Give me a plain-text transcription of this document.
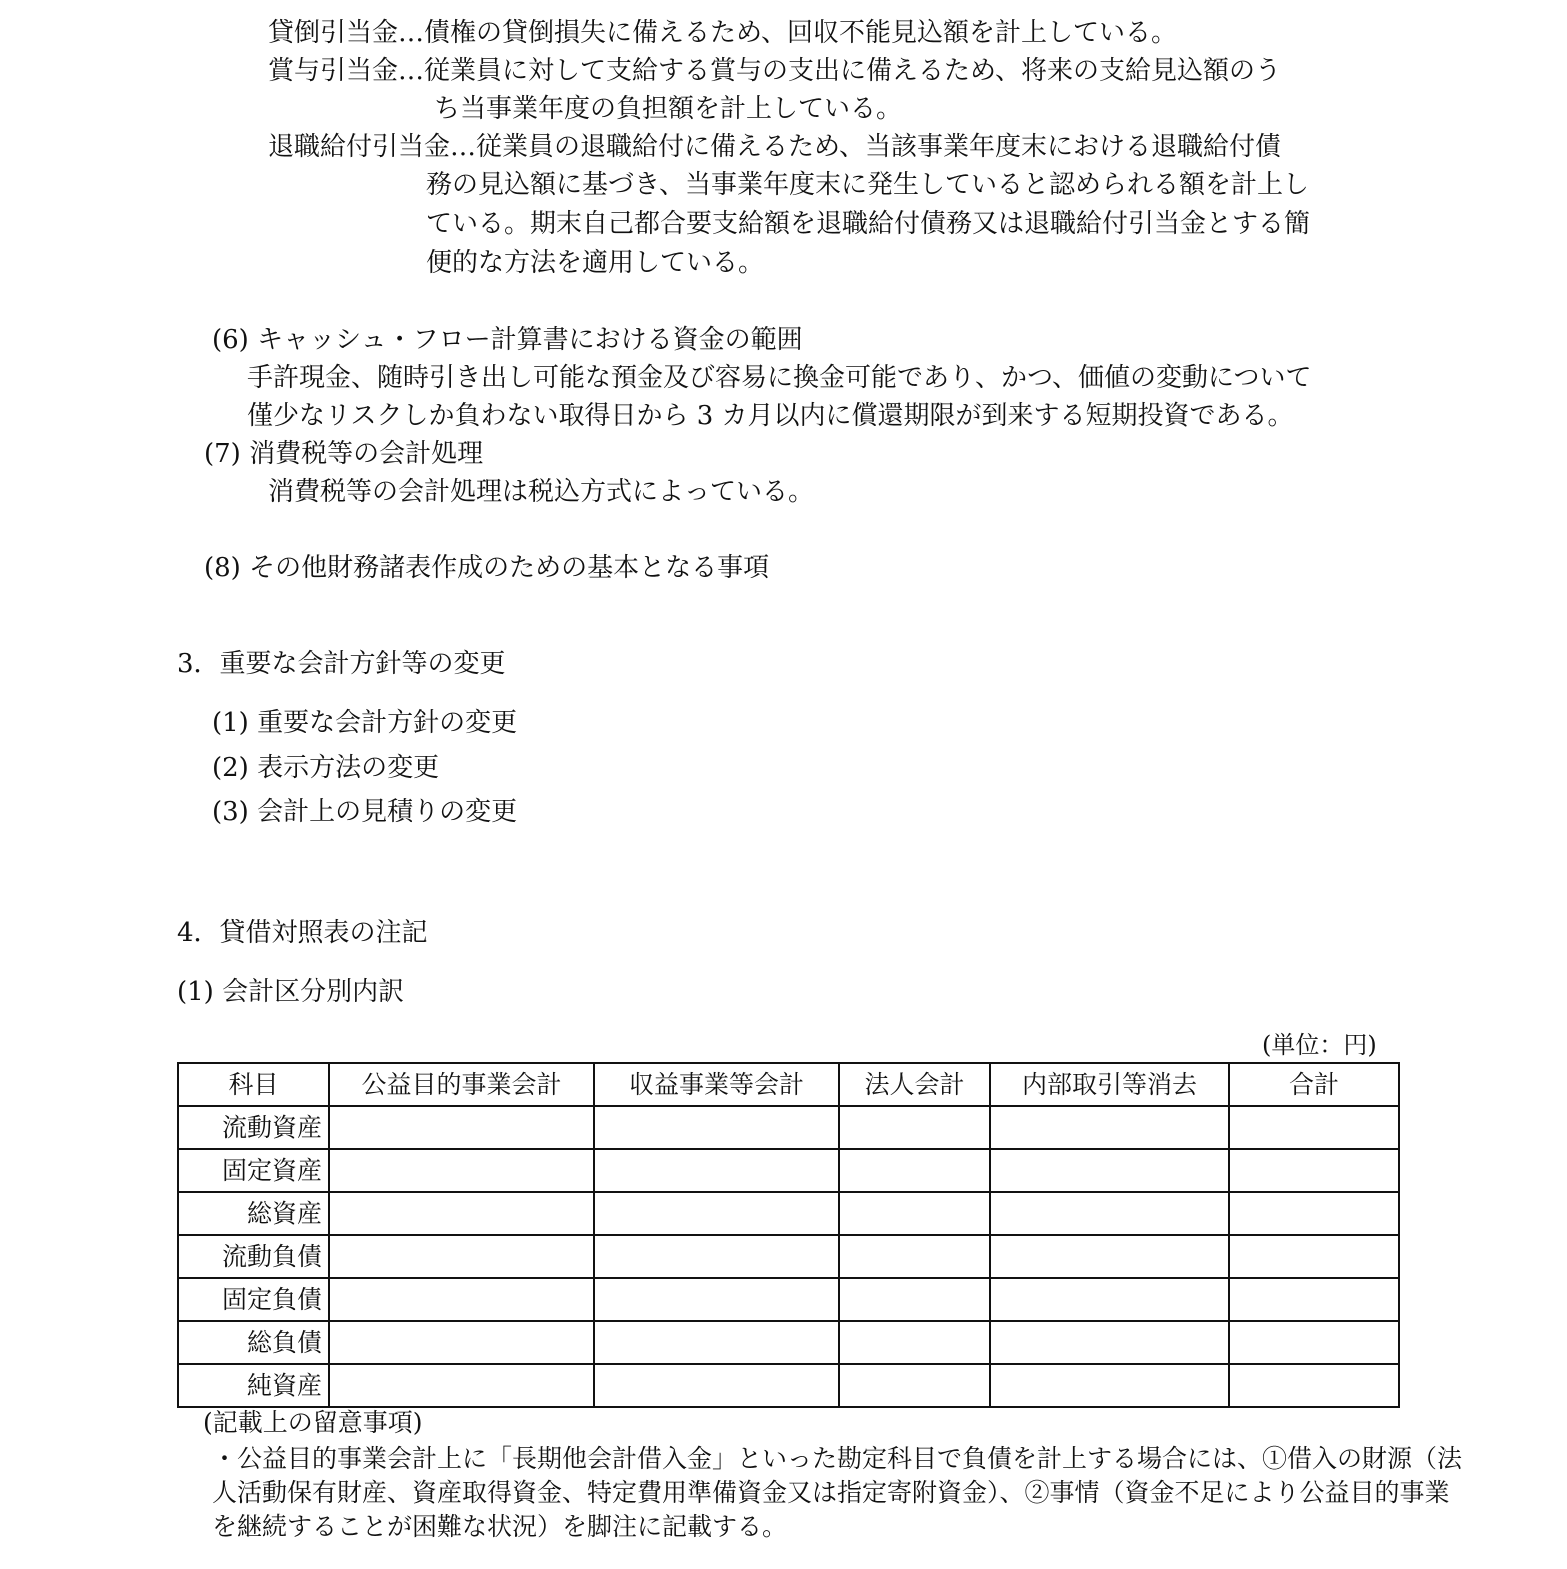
貸倒引当金…債権の貸倒損失に備えるため、回収不能見込額を計上している。
賞与引当金…従業員に対して支給する賞与の支出に備えるため、将来の支給見込額のう
ち当事業年度の負担額を計上している。
退職給付引当金…従業員の退職給付に備えるため、当該事業年度末における退職給付債
務の見込額に基づき、当事業年度末に発生していると認められる額を計上し
ている。期末自己都合要支給額を退職給付債務又は退職給付引当金とする簡
便的な方法を適用している。
(6) キャッシュ・フロー計算書における資金の範囲
手許現金、随時引き出し可能な預金及び容易に換金可能であり、かつ、価値の変動について
僅少なリスクしか負わない取得日から 3 カ月以内に償還期限が到来する短期投資である。
(7) 消費税等の会計処理
消費税等の会計処理は税込方式によっている。
(8) その他財務諸表作成のための基本となる事項
3．重要な会計方針等の変更
(1) 重要な会計方針の変更
(2) 表示方法の変更
(3) 会計上の見積りの変更
4．貸借対照表の注記
(1) 会計区分別内訳
(単位：円)
科目	公益目的事業会計	収益事業等会計	法人会計	内部取引等消去	合計
流動資産					
固定資産					
総資産					
流動負債					
固定負債					
総負債					
純資産					
(記載上の留意事項)
・公益目的事業会計上に「長期他会計借入金」といった勘定科目で負債を計上する場合には、①借入の財源（法
人活動保有財産、資産取得資金、特定費用準備資金又は指定寄附資金）、②事情（資金不足により公益目的事業
を継続することが困難な状況）を脚注に記載する。
